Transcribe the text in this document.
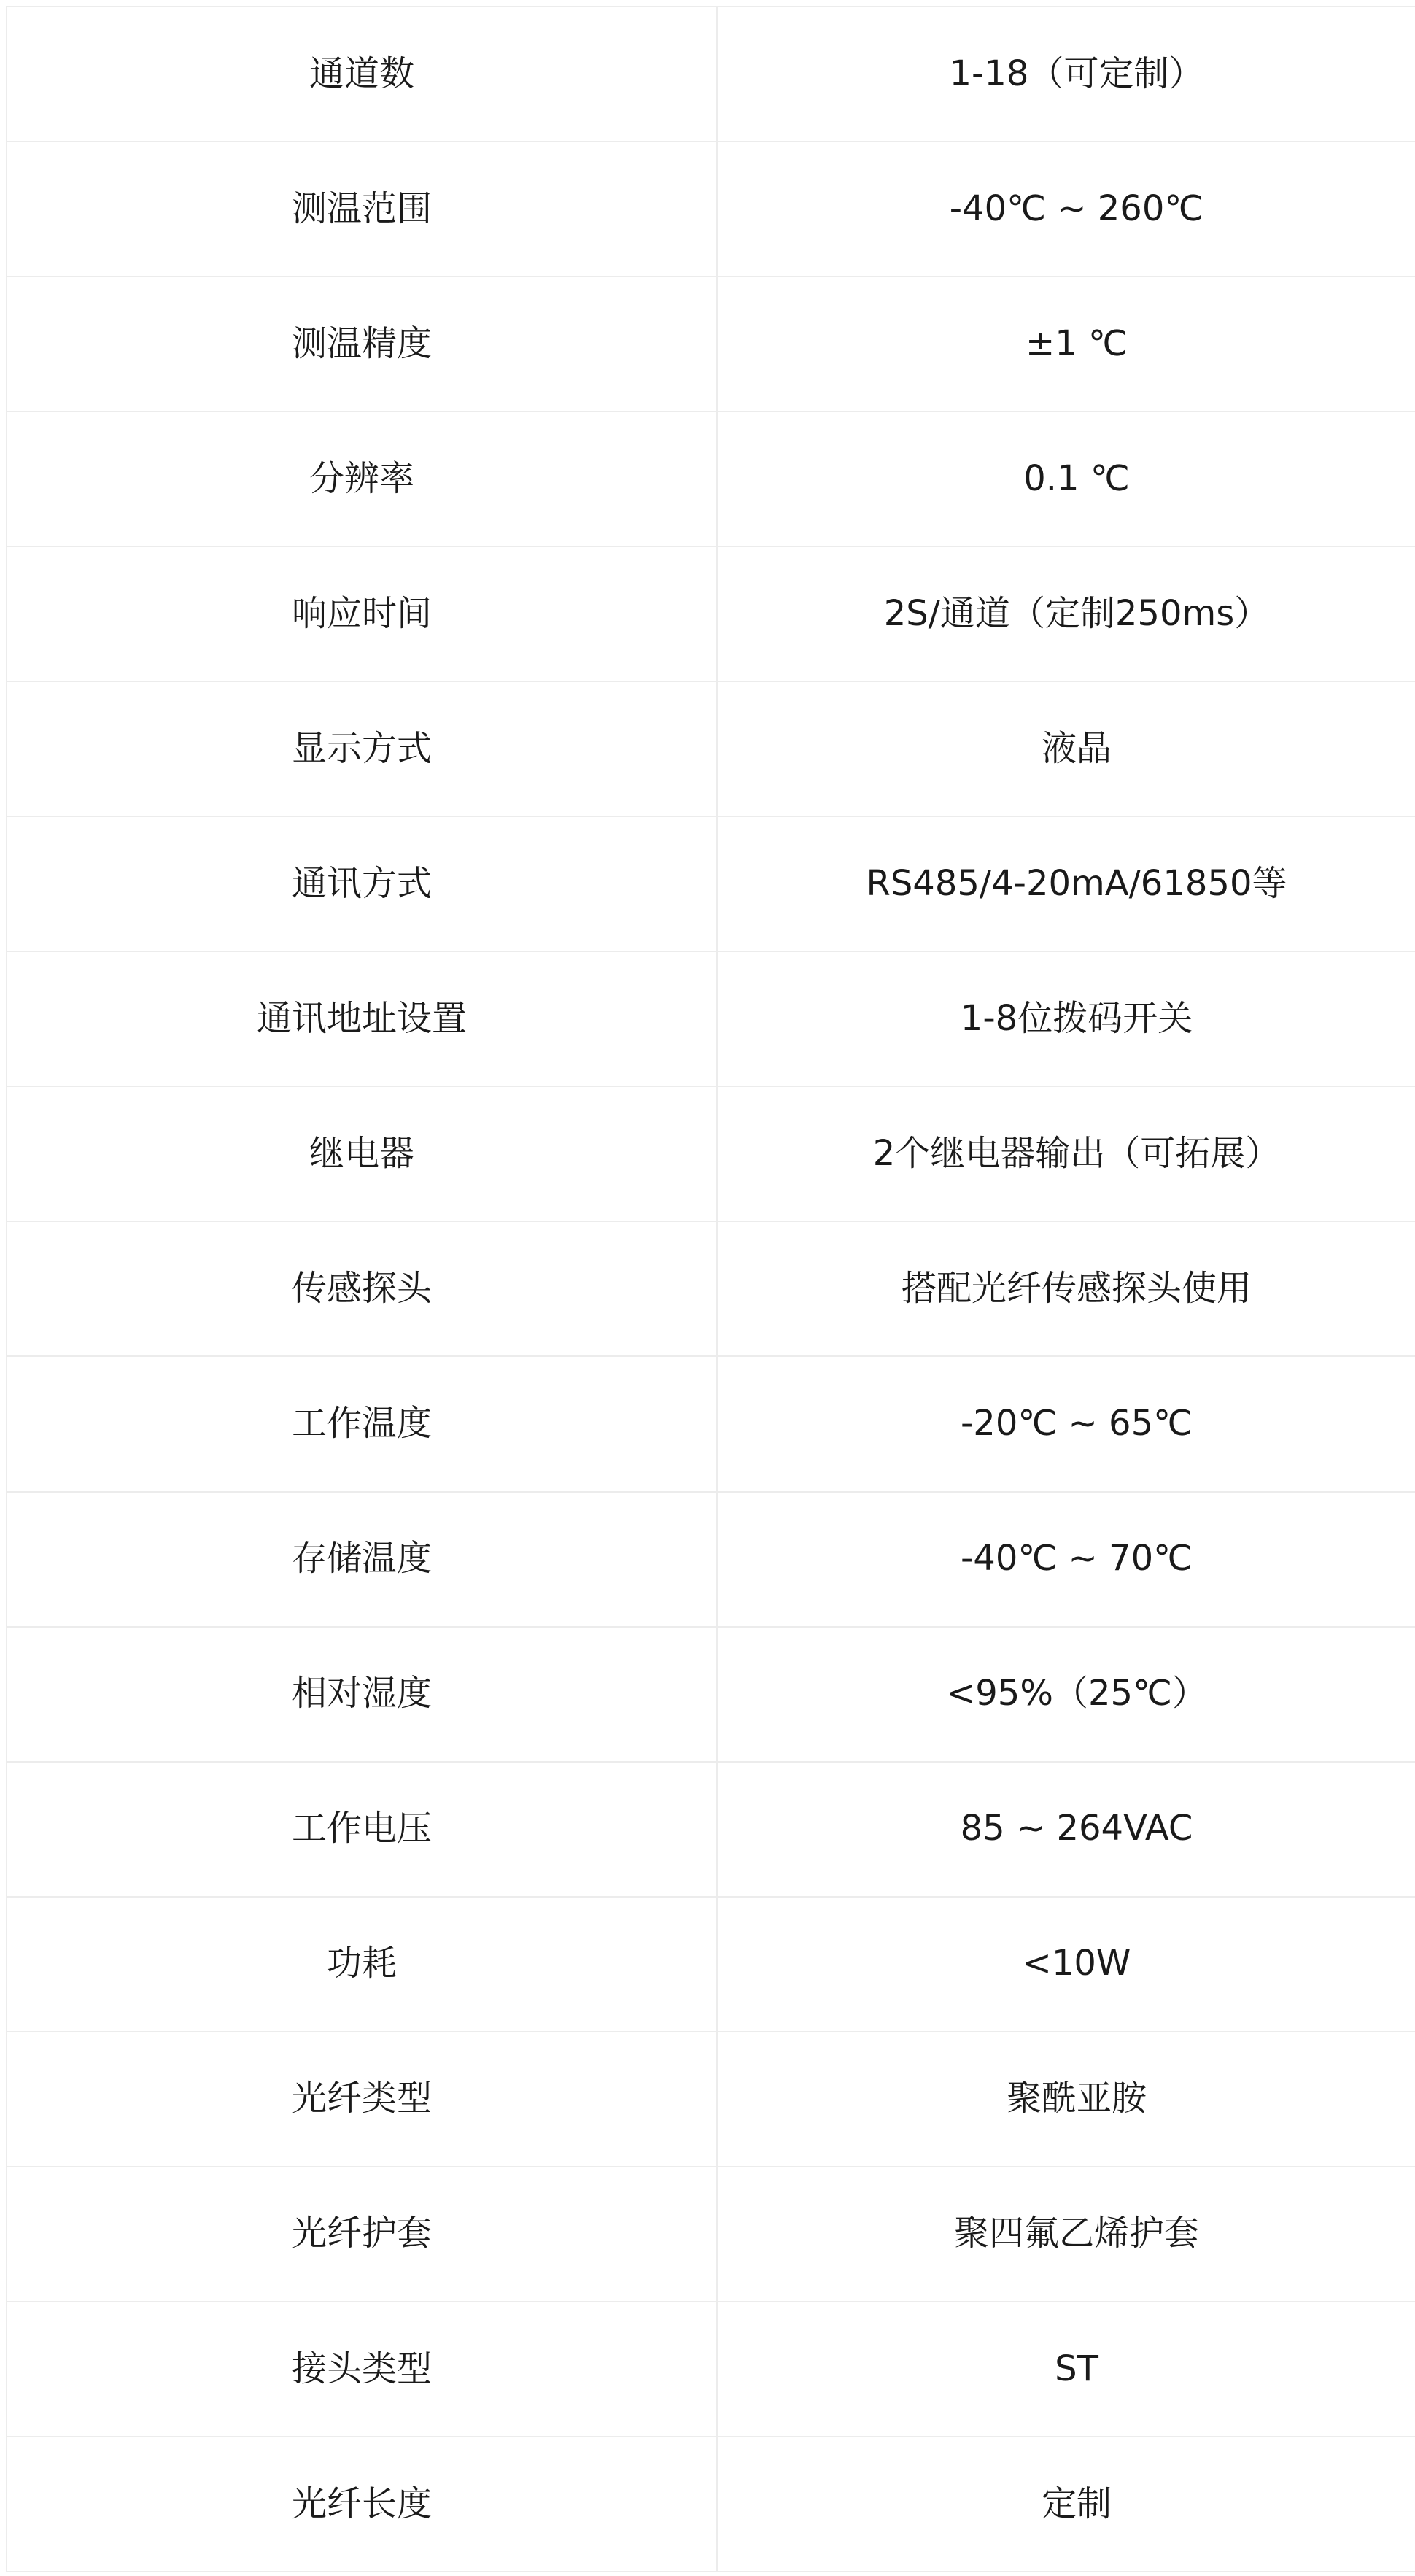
通道数	1-18（可定制）
测温范围	-40℃ ~ 260℃
测温精度	±1 ℃
分辨率	0.1 ℃
响应时间	2S/通道（定制250ms）
显示方式	液晶
通讯方式	RS485/4-20mA/61850等
通讯地址设置	1-8位拨码开关
继电器	2个继电器输出（可拓展）
传感探头	搭配光纤传感探头使用
工作温度	-20℃ ~ 65℃
存储温度	-40℃ ~ 70℃
相对湿度	<95%（25℃）
工作电压	85 ~ 264VAC
功耗	<10W
光纤类型	聚酰亚胺
光纤护套	聚四氟乙烯护套
接头类型	ST
光纤长度	定制
